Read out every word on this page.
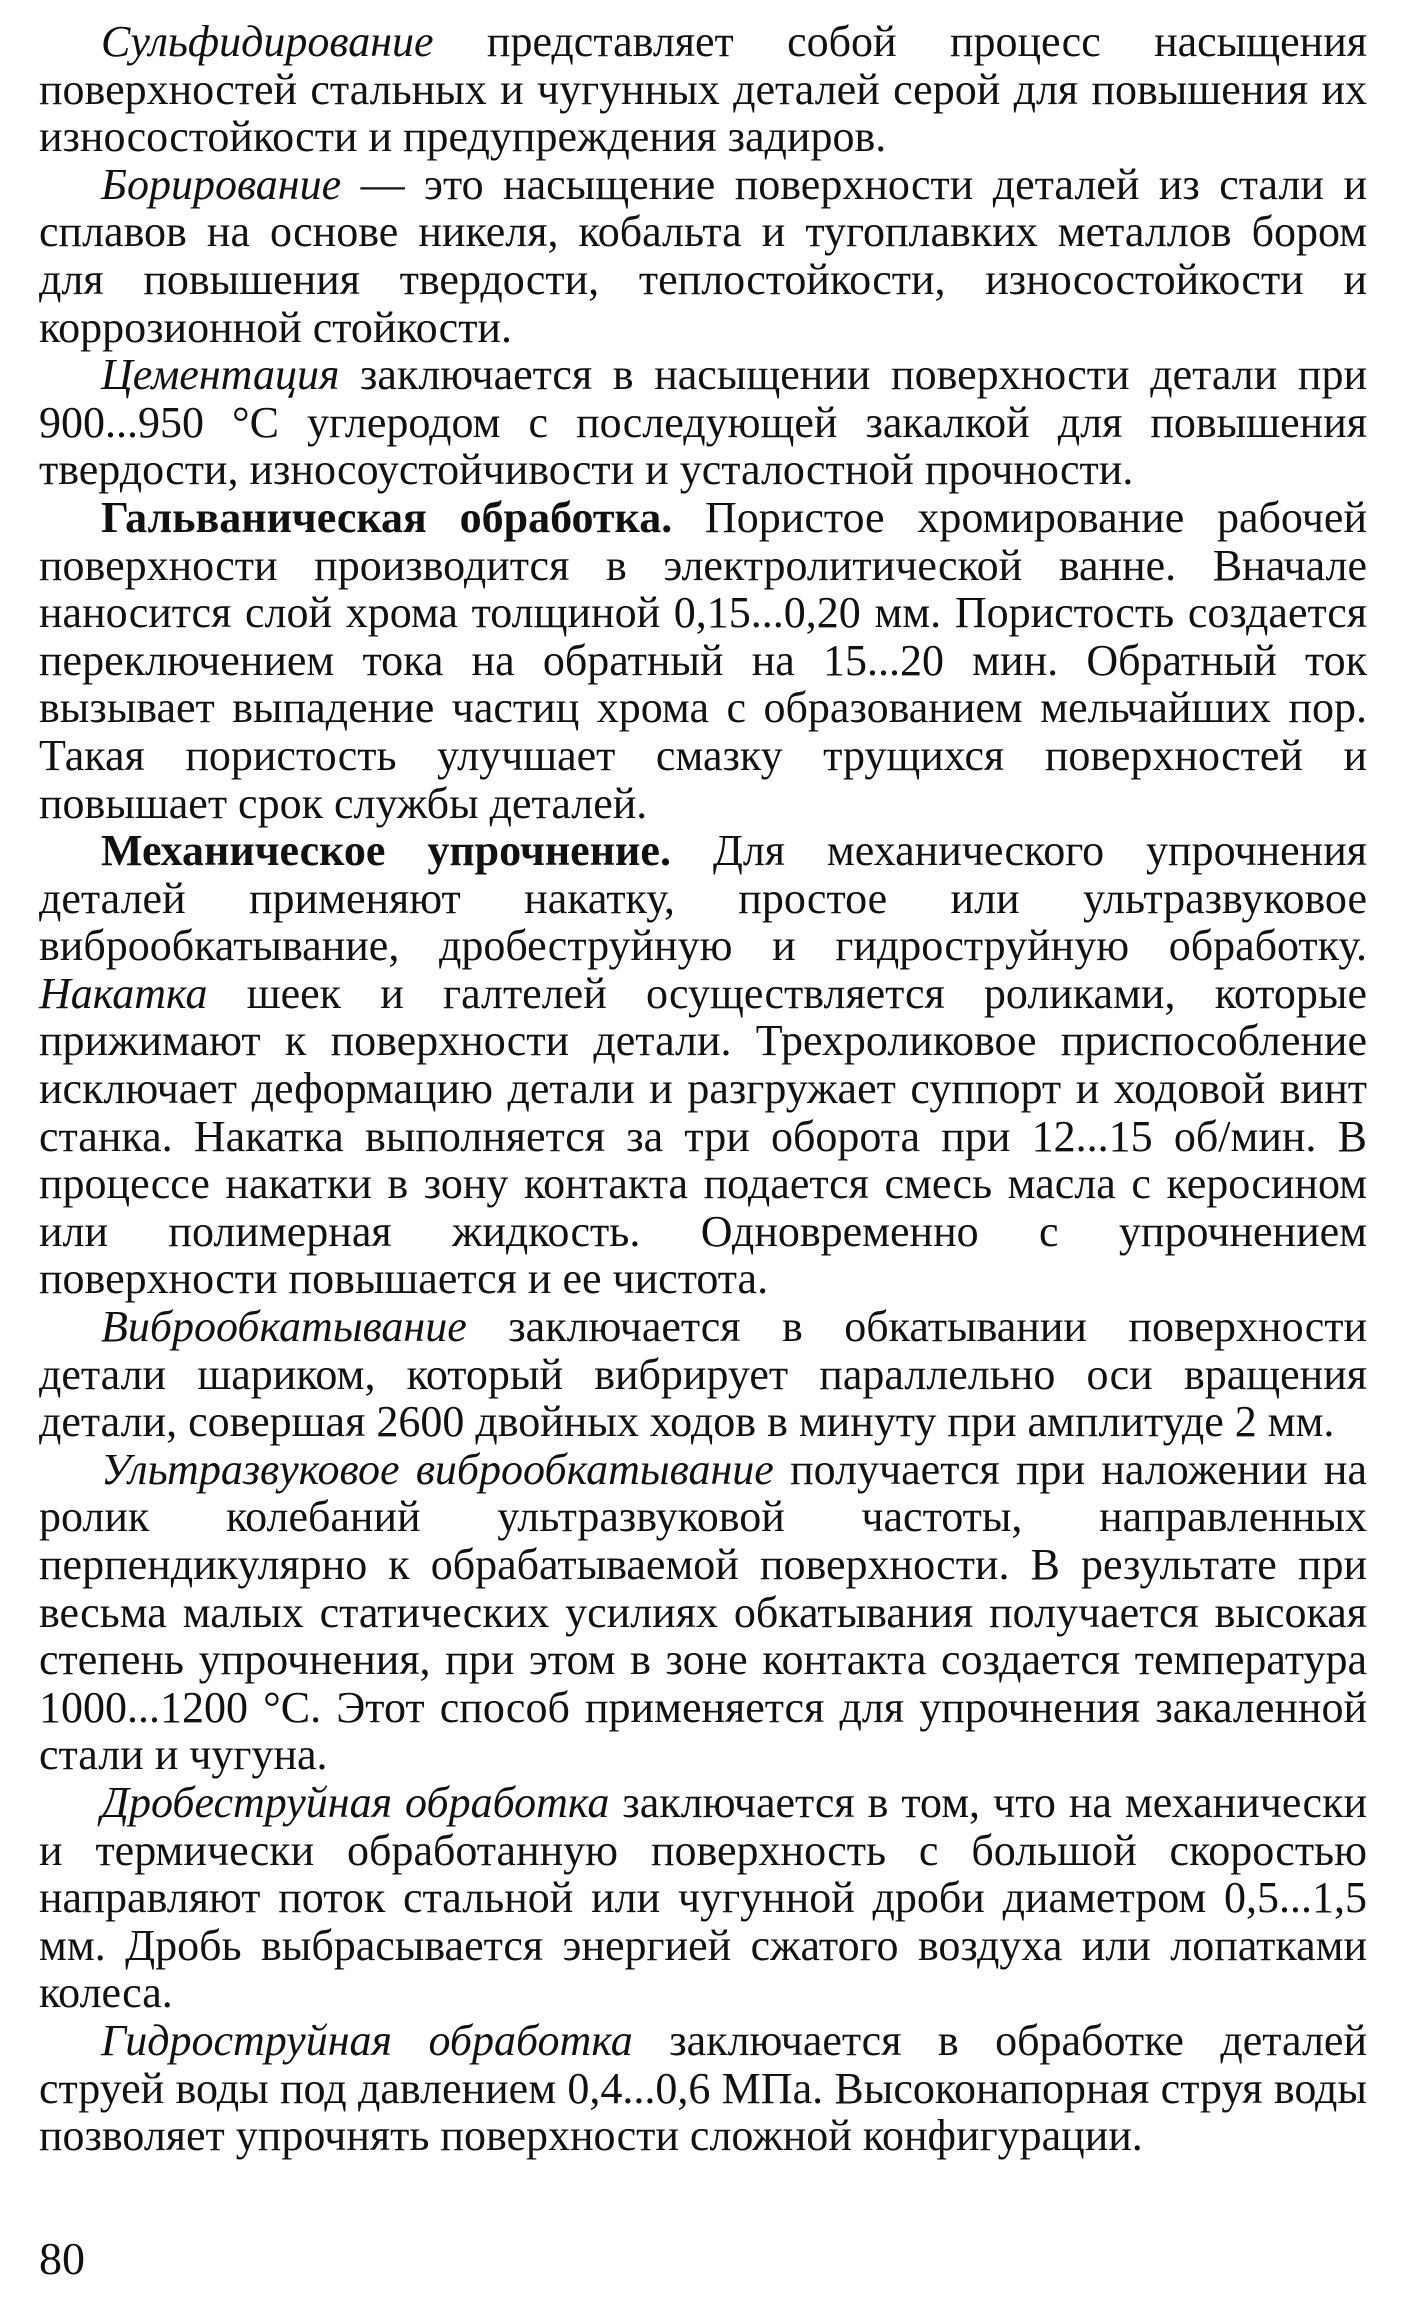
Сульфидирование представляет собой процесс насыщения поверхностей стальных и чугунных деталей серой для повышения их износостойкости и предупреждения задиров.

Борирование — это насыщение поверхности деталей из стали и сплавов на основе никеля, кобальта и тугоплавких металлов бором для повышения твердости, теплостойкости, износостойкости и коррозионной стойкости.

Цементация заключается в насыщении поверхности детали при 900...950 °С углеродом с последующей закалкой для повышения твердости, износоустойчивости и усталостной прочности.

Гальваническая обработка. Пористое хромирование рабочей поверхности производится в электролитической ванне. Вначале наносится слой хрома толщиной 0,15...0,20 мм. Пористость создается переключением тока на обратный на 15...20 мин. Обратный ток вызывает выпадение частиц хрома с образованием мельчайших пор. Такая пористость улучшает смазку трущихся поверхностей и повышает срок службы деталей.

Механическое упрочнение. Для механического упрочнения деталей применяют накатку, простое или ультразвуковое виброобкатывание, дробеструйную и гидроструйную обработку. Накатка шеек и галтелей осуществляется роликами, которые прижимают к поверхности детали. Трехроликовое приспособление исключает деформацию детали и разгружает суппорт и ходовой винт станка. Накатка выполняется за три оборота при 12...15 об/мин. В процессе накатки в зону контакта подается смесь масла с керосином или полимерная жидкость. Одновременно с упрочнением поверхности повышается и ее чистота.

Виброобкатывание заключается в обкатывании поверхности детали шариком, который вибрирует параллельно оси вращения детали, совершая 2600 двойных ходов в минуту при амплитуде 2 мм.

Ультразвуковое виброобкатывание получается при наложении на ролик колебаний ультразвуковой частоты, направленных перпендикулярно к обрабатываемой поверхности. В результате при весьма малых статических усилиях обкатывания получается высокая степень упрочнения, при этом в зоне контакта создается температура 1000...1200 °С. Этот способ применяется для упрочнения закаленной стали и чугуна.

Дробеструйная обработка заключается в том, что на механически и термически обработанную поверхность с большой скоростью направляют поток стальной или чугунной дроби диаметром 0,5...1,5 мм. Дробь выбрасывается энергией сжатого воздуха или лопатками колеса.

Гидроструйная обработка заключается в обработке деталей струей воды под давлением 0,4...0,6 МПа. Высоконапорная струя воды позволяет упрочнять поверхности сложной конфигурации.

80
